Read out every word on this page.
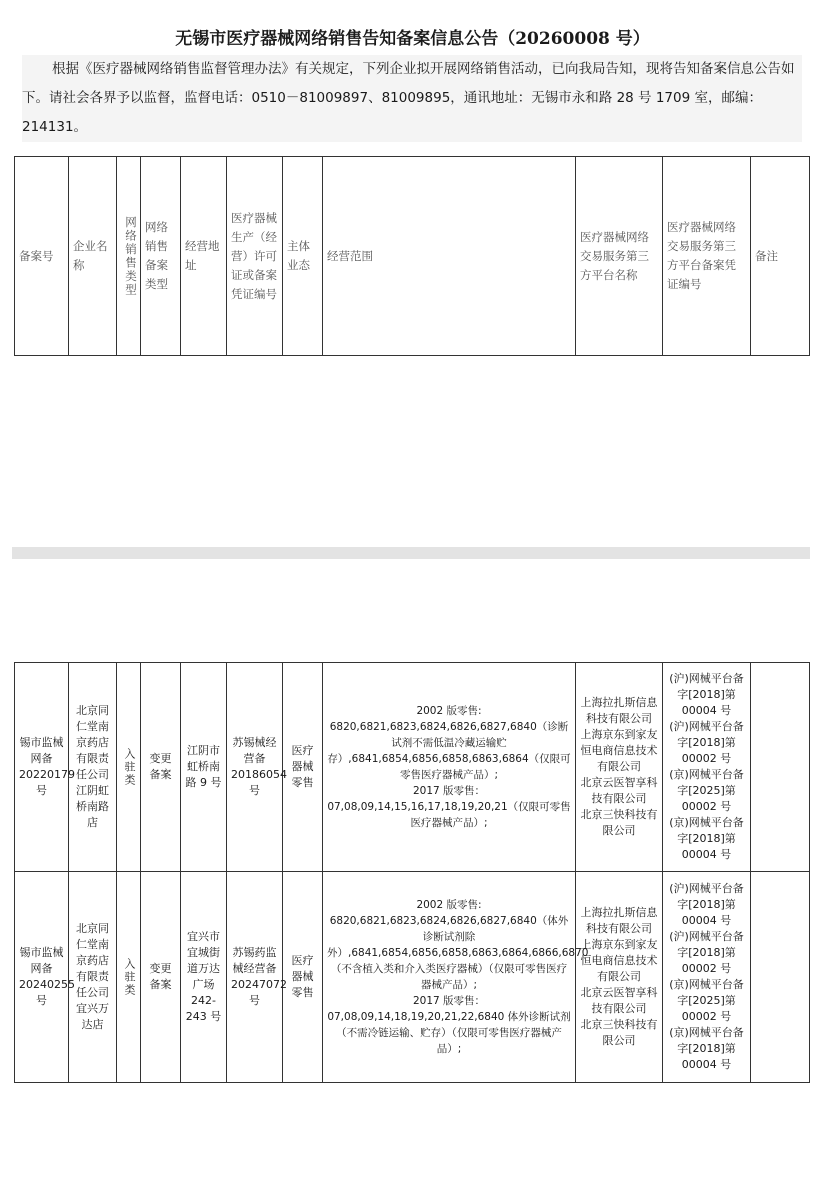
无锡市医疗器械网络销售告知备案信息公告（20260008 号）

根据《医疗器械网络销售监督管理办法》有关规定，下列企业拟开展网络销售活动，已向我局告知，现将告知备案信息公告如下。请社会各界予以监督，监督电话：0510－81009897、81009895，通讯地址：无锡市永和路 28 号 1709 室，邮编：214131。

备案号	企业名称	网络销售类型	网络销售备案类型	经营地址	医疗器械生产（经营）许可证或备案凭证编号	主体业态	经营范围	医疗器械网络交易服务第三方平台名称	医疗器械网络交易服务第三方平台备案凭证编号	备注
锡市监械网备20220179号	北京同仁堂南京药店有限责任公司江阴虹桥南路店	入驻类	变更备案	江阴市虹桥南路 9 号	苏锡械经营备20186054 号	医疗器械零售	2002 版零售:
6820,6821,6823,6824,6826,6827,6840（诊断试剂不需低温冷藏运输贮存）,6841,6854,6856,6858,6863,6864（仅限可零售医疗器械产品）;
2017 版零售：07,08,09,14,15,16,17,18,19,20,21（仅限可零售医疗器械产品）;	上海拉扎斯信息科技有限公司
上海京东到家友恒电商信息技术有限公司
北京云医智享科技有限公司
北京三快科技有限公司	(沪)网械平台备字[2018]第00004 号
(沪)网械平台备字[2018]第00002 号
(京)网械平台备字[2025]第00002 号
(京)网械平台备字[2018]第00004 号	

锡市监械网备20240255号	北京同仁堂南京药店有限责任公司宜兴万达店	入驻类	变更备案	宜兴市宜城街道万达广场242-243 号	苏锡药监械经营备20247072 号	医疗器械零售	2002 版零售:
6820,6821,6823,6824,6826,6827,6840（体外诊断试剂除外）,6841,6854,6856,6858,6863,6864,6866,6870（不含植入类和介入类医疗器械）（仅限可零售医疗器械产品）;
2017 版零售：07,08,09,14,18,19,20,21,22,6840 体外诊断试剂（不需冷链运输、贮存）（仅限可零售医疗器械产品）;	上海拉扎斯信息科技有限公司
上海京东到家友恒电商信息技术有限公司
北京云医智享科技有限公司
北京三快科技有限公司	(沪)网械平台备字[2018]第00004 号
(沪)网械平台备字[2018]第00002 号
(京)网械平台备字[2025]第00002 号
(京)网械平台备字[2018]第00004 号	
